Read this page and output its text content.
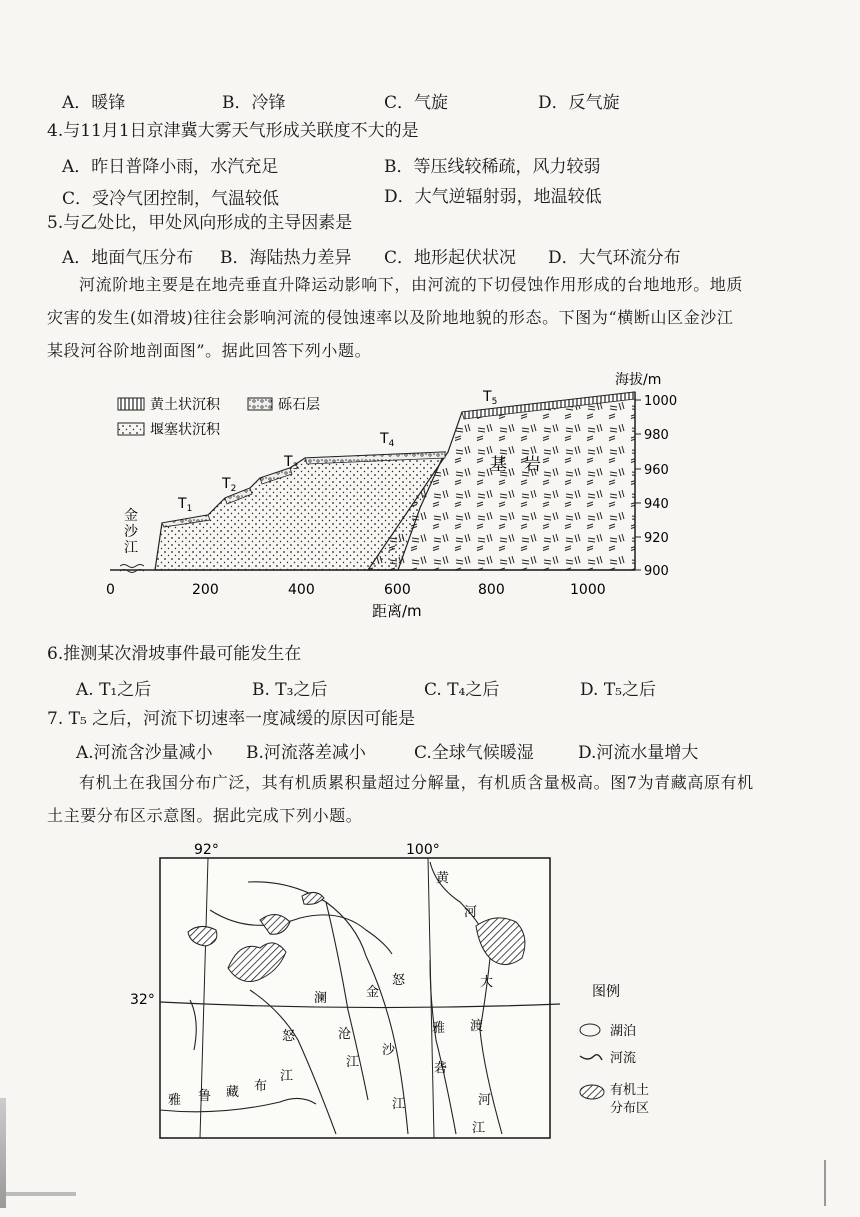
A．暖锋	B．冷锋	C．气旋	D．反气旋
4.与11月1日京津冀大雾天气形成关联度不大的是
A．昨日普降小雨，水汽充足	B．等压线较稀疏，风力较弱
C．受冷气团控制，气温较低	D．大气逆辐射弱，地温较低
5.与乙处比，甲处风向形成的主导因素是
A．地面气压分布 B．海陆热力差异 C．地形起伏状况 D．大气环流分布
河流阶地主要是在地壳垂直升降运动影响下，由河流的下切侵蚀作用形成的台地地形。地质灾害的发生(如滑坡)往往会影响河流的侵蚀速率以及阶地地貌的形态。下图为“横断山区金沙江某段河谷阶地剖面图”。据此回答下列小题。
黄土状沉积	砾石层
堰塞状沉积
$T_1$
$T_2$
$T_3$
$T_4$
$T_5$
基　岩
金
沙
江
海拔/m
1000
980
960
940
920
900
0	200	400	600	800	1000
距离/m
6.推测某次滑坡事件最可能发生在
A. T₁之后	B. T₃之后	C. T₄之后	D. T₅之后
7. T₅ 之后，河流下切速率一度减缓的原因可能是
A.河流含沙量减小 B.河流落差减小	C.全球气候暖湿	D.河流水量增大
有机土在我国分布广泛，其有机质累积量超过分解量，有机质含量极高。图7为青藏高原有机土主要分布区示意图。据此完成下列小题。
92°	100°
32°
黄
河
大
渡
河
澜
沧
江
金
沙
江
怒
怒
雅
砻
江
雅 鲁 藏 布
江
图例
湖泊
河流
有机土
分布区
